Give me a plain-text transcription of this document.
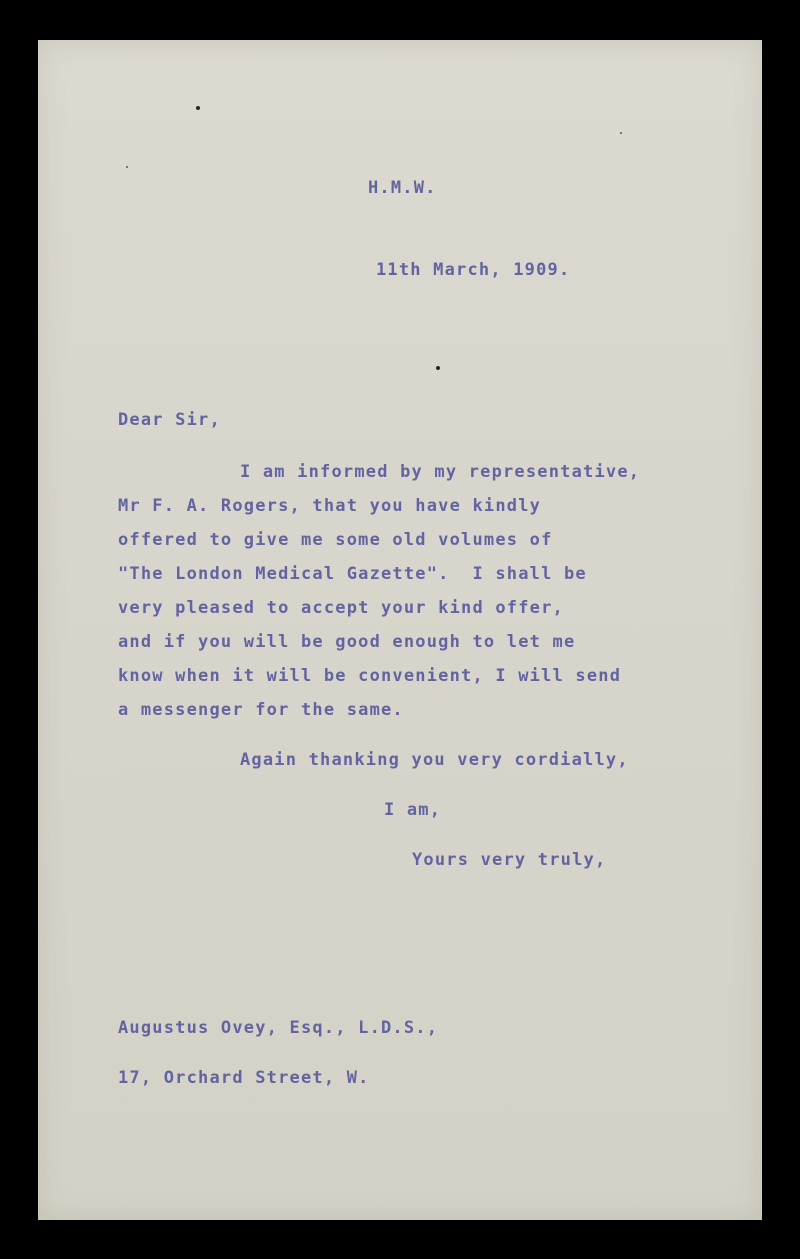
H.M.W.
11th March, 1909.
Dear Sir,
I am informed by my representative,
Mr F. A. Rogers, that you have kindly
offered to give me some old volumes of
"The London Medical Gazette".  I shall be
very pleased to accept your kind offer,
and if you will be good enough to let me
know when it will be convenient, I will send
a messenger for the same.
Again thanking you very cordially,
I am,
Yours very truly,
Augustus Ovey, Esq., L.D.S.,
17, Orchard Street, W.
